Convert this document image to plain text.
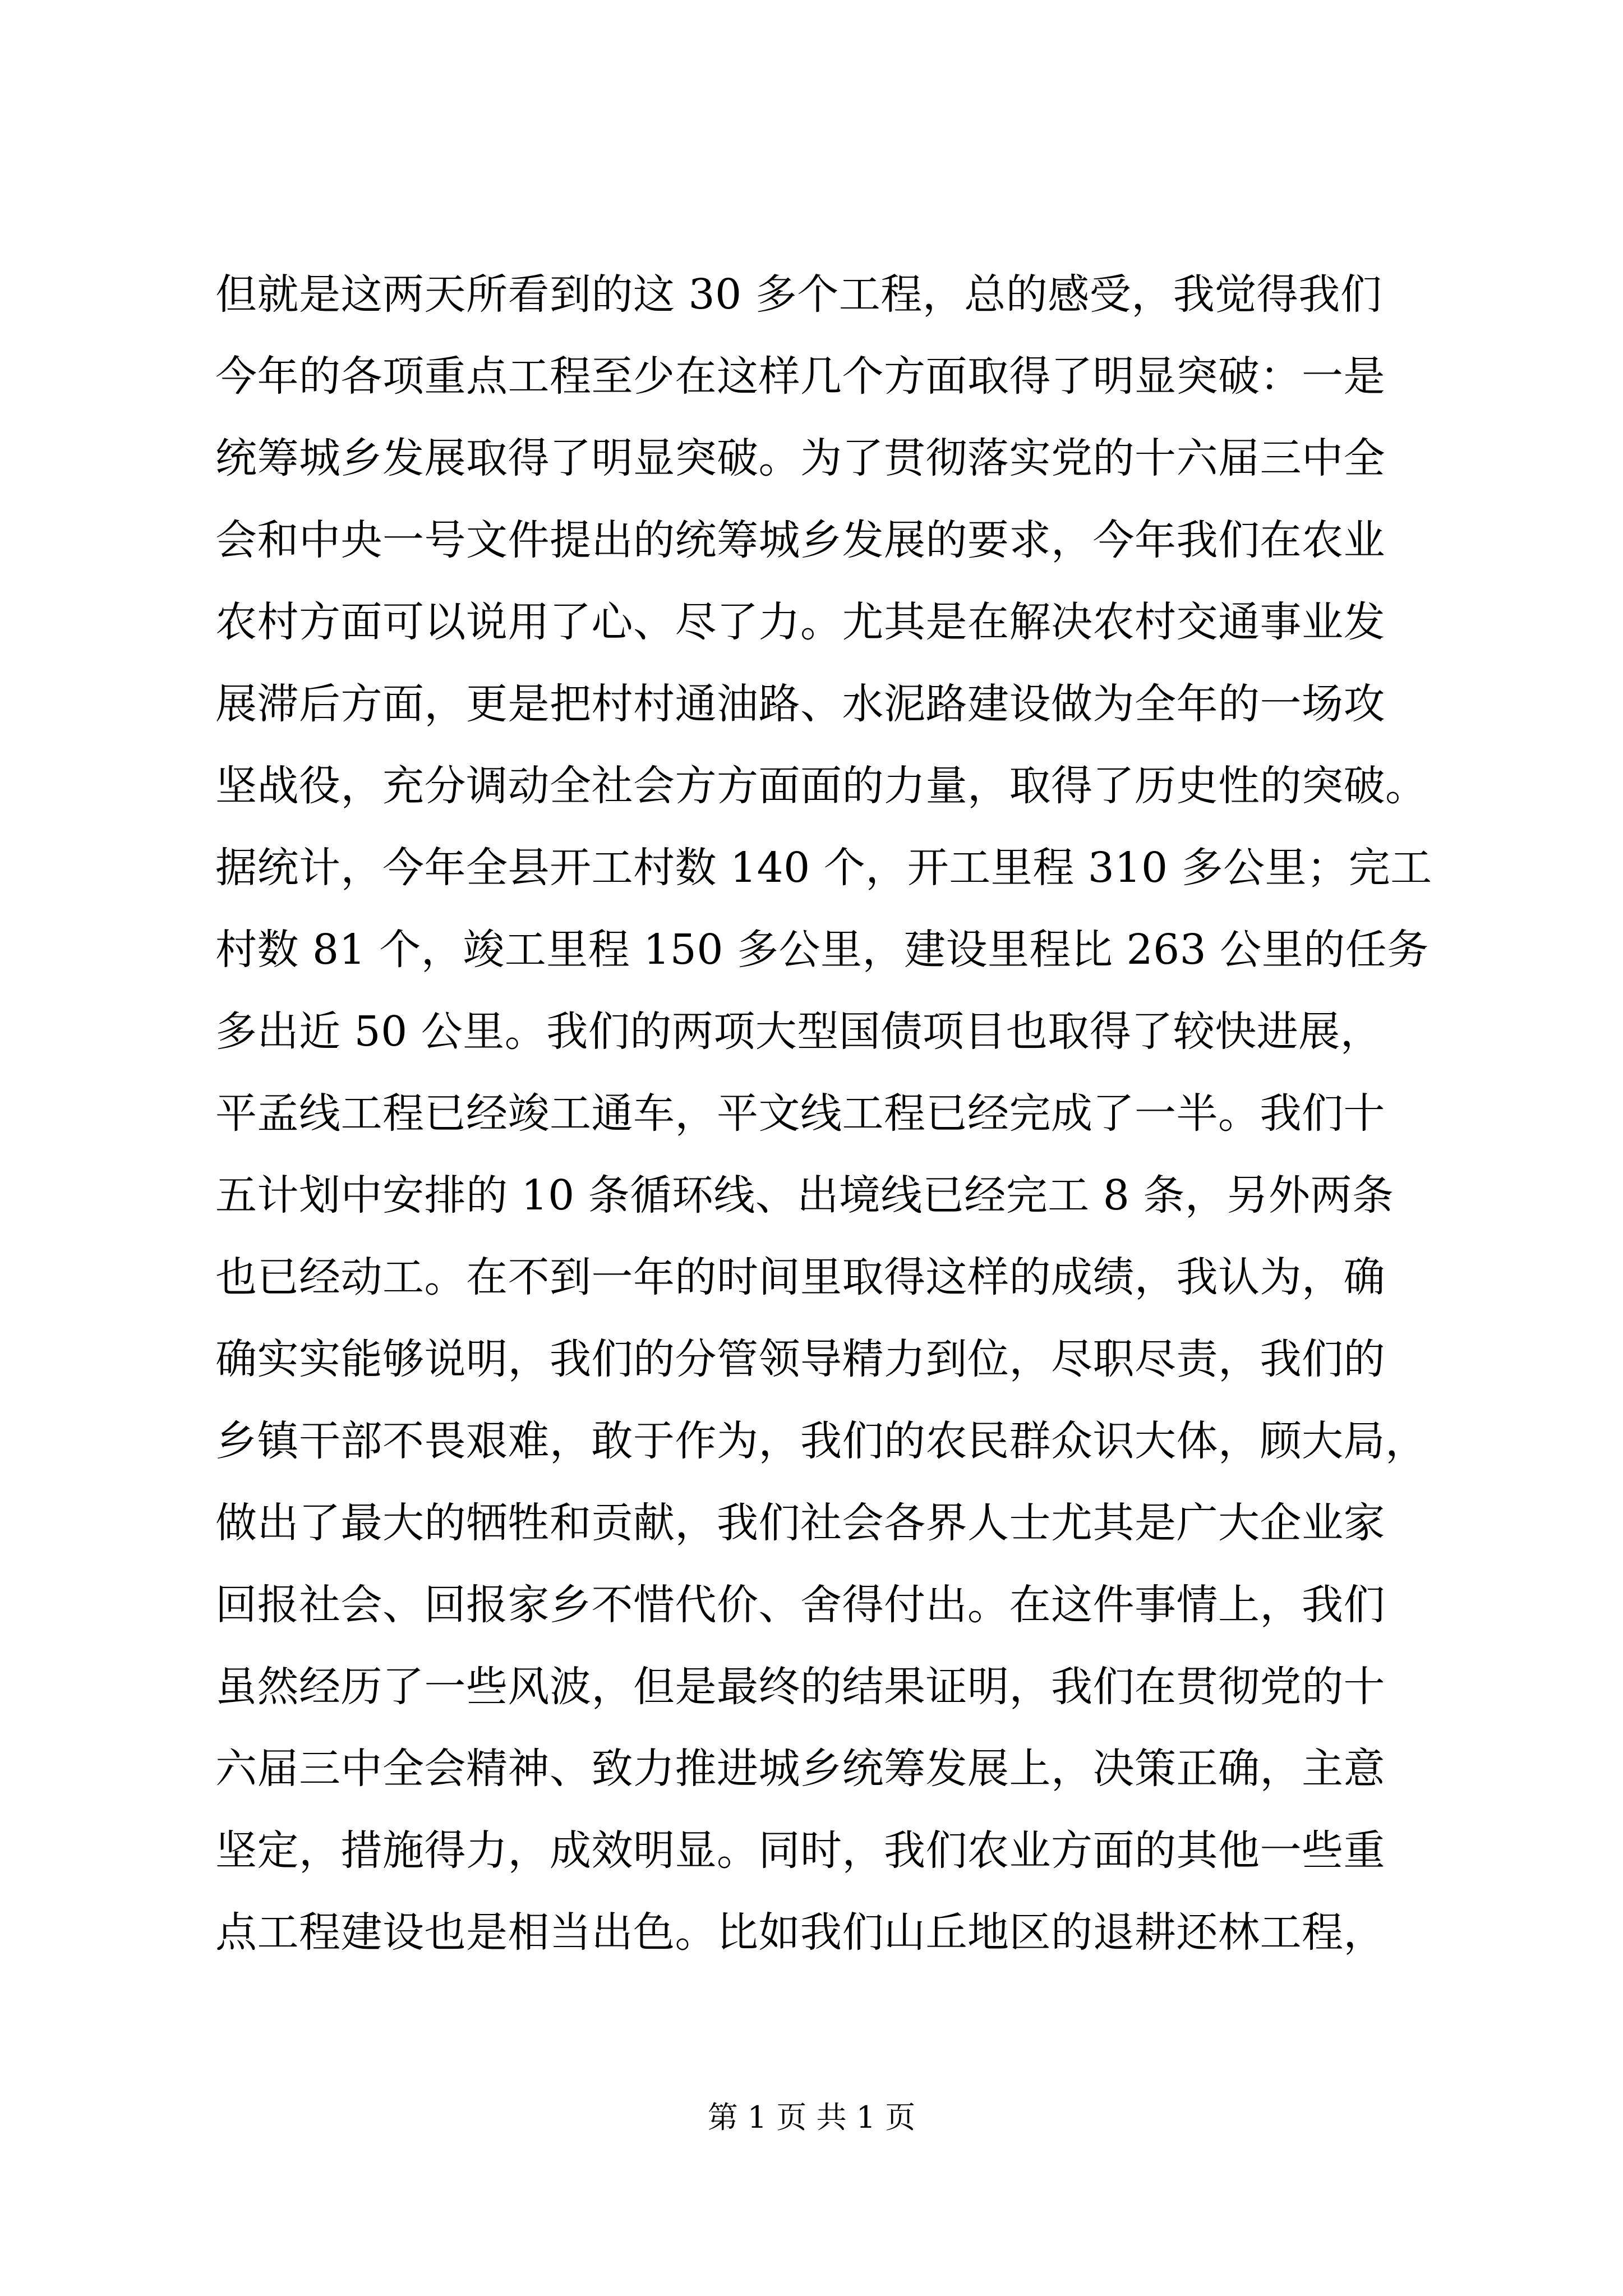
但就是这两天所看到的这 30 多个工程，总的感受，我觉得我们
今年的各项重点工程至少在这样几个方面取得了明显突破：一是
统筹城乡发展取得了明显突破。为了贯彻落实党的十六届三中全
会和中央一号文件提出的统筹城乡发展的要求，今年我们在农业
农村方面可以说用了心、尽了力。尤其是在解决农村交通事业发
展滞后方面，更是把村村通油路、水泥路建设做为全年的一场攻
坚战役，充分调动全社会方方面面的力量，取得了历史性的突破。
据统计，今年全县开工村数 140 个，开工里程 310 多公里；完工
村数 81 个，竣工里程 150 多公里，建设里程比 263 公里的任务
多出近 50 公里。我们的两项大型国债项目也取得了较快进展，
平孟线工程已经竣工通车，平文线工程已经完成了一半。我们十
五计划中安排的 10 条循环线、出境线已经完工 8 条，另外两条
也已经动工。在不到一年的时间里取得这样的成绩，我认为，确
确实实能够说明，我们的分管领导精力到位，尽职尽责，我们的
乡镇干部不畏艰难，敢于作为，我们的农民群众识大体，顾大局，
做出了最大的牺牲和贡献，我们社会各界人士尤其是广大企业家
回报社会、回报家乡不惜代价、舍得付出。在这件事情上，我们
虽然经历了一些风波，但是最终的结果证明，我们在贯彻党的十
六届三中全会精神、致力推进城乡统筹发展上，决策正确，主意
坚定，措施得力，成效明显。同时，我们农业方面的其他一些重
点工程建设也是相当出色。比如我们山丘地区的退耕还林工程，
第 1 页 共 1 页
